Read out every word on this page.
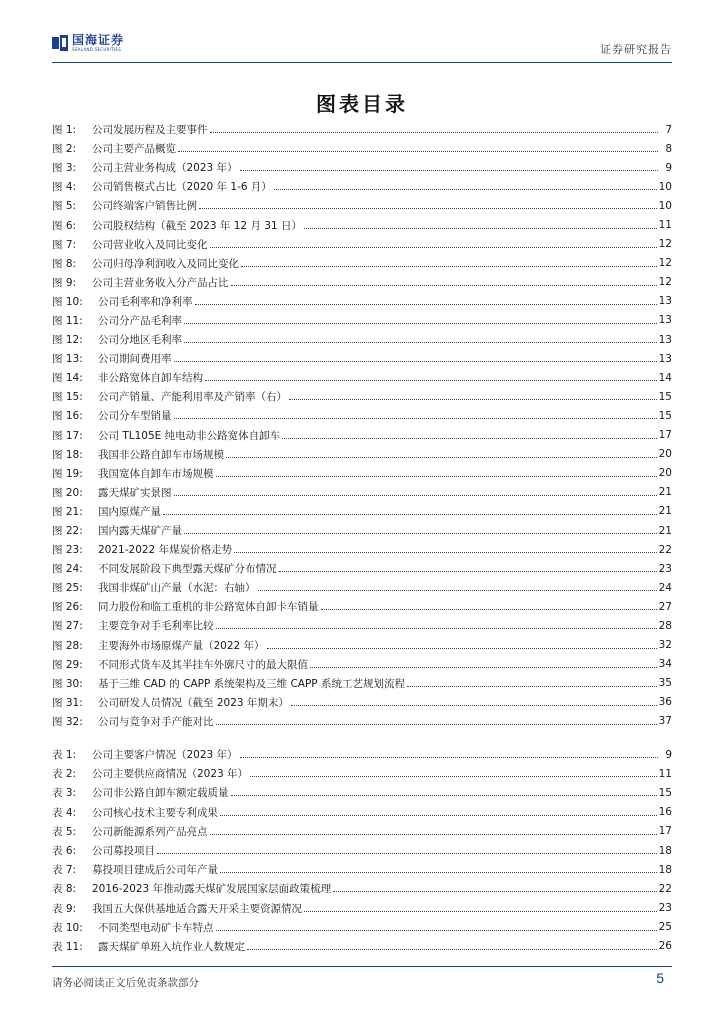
国海证券
SEALAND SECURITIES	证券研究报告
图表目录
图 1:	公司发展历程及主要事件	7
图 2:	公司主要产品概览	8
图 3:	公司主营业务构成（2023 年）	9
图 4:	公司销售模式占比（2020 年 1-6 月）	10
图 5:	公司终端客户销售比例	10
图 6:	公司股权结构（截至 2023 年 12 月 31 日）	11
图 7:	公司营业收入及同比变化	12
图 8:	公司归母净利润收入及同比变化	12
图 9:	公司主营业务收入分产品占比	12
图 10:	公司毛利率和净利率	13
图 11:	公司分产品毛利率	13
图 12:	公司分地区毛利率	13
图 13:	公司期间费用率	13
图 14:	非公路宽体自卸车结构	14
图 15:	公司产销量、产能利用率及产销率（右）	15
图 16:	公司分车型销量	15
图 17:	公司 TL105E 纯电动非公路宽体自卸车	17
图 18:	我国非公路自卸车市场规模	20
图 19:	我国宽体自卸车市场规模	20
图 20:	露天煤矿实景图	21
图 21:	国内原煤产量	21
图 22:	国内露天煤矿产量	21
图 23:	2021-2022 年煤炭价格走势	22
图 24:	不同发展阶段下典型露天煤矿分布情况	23
图 25:	我国非煤矿山产量（水泥：右轴）	24
图 26:	同力股份和临工重机的非公路宽体自卸卡车销量	27
图 27:	主要竞争对手毛利率比较	28
图 28:	主要海外市场原煤产量（2022 年）	32
图 29:	不同形式货车及其半挂车外廓尺寸的最大限值	34
图 30:	基于三维 CAD 的 CAPP 系统架构及三维 CAPP 系统工艺规划流程	35
图 31:	公司研发人员情况（截至 2023 年期末）	36
图 32:	公司与竞争对手产能对比	37
表 1:	公司主要客户情况（2023 年）	9
表 2:	公司主要供应商情况（2023 年）	11
表 3:	公司非公路自卸车额定载质量	15
表 4:	公司核心技术主要专利成果	16
表 5:	公司新能源系列产品亮点	17
表 6:	公司募投项目	18
表 7:	募投项目建成后公司年产量	18
表 8:	2016-2023 年推动露天煤矿发展国家层面政策梳理	22
表 9:	我国五大保供基地适合露天开采主要资源情况	23
表 10:	不同类型电动矿卡车特点	25
表 11:	露天煤矿单班入坑作业人数规定	26
请务必阅读正文后免责条款部分	5
